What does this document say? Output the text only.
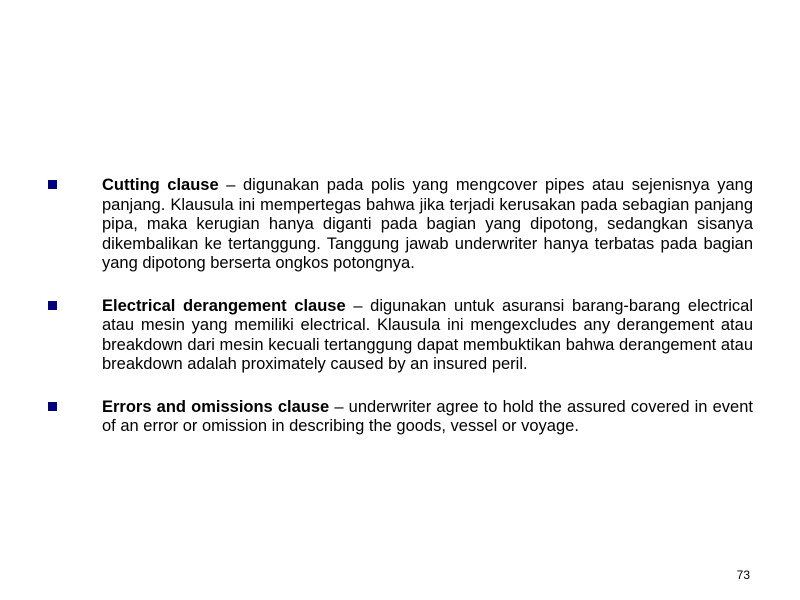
Cutting clause – digunakan pada polis yang mengcover pipes atau sejenisnya yang panjang. Klausula ini mempertegas bahwa jika terjadi kerusakan pada sebagian panjang pipa, maka kerugian hanya diganti pada bagian yang dipotong, sedangkan sisanya dikembalikan ke tertanggung. Tanggung jawab underwriter hanya terbatas pada bagian yang dipotong berserta ongkos potongnya.

Electrical derangement clause – digunakan untuk asuransi barang-barang electrical atau mesin yang memiliki electrical. Klausula ini mengexcludes any derangement atau breakdown dari mesin kecuali tertanggung dapat membuktikan bahwa derangement atau breakdown adalah proximately caused by an insured peril.

Errors and omissions clause – underwriter agree to hold the assured covered in event of an error or omission in describing the goods, vessel or voyage.

73
